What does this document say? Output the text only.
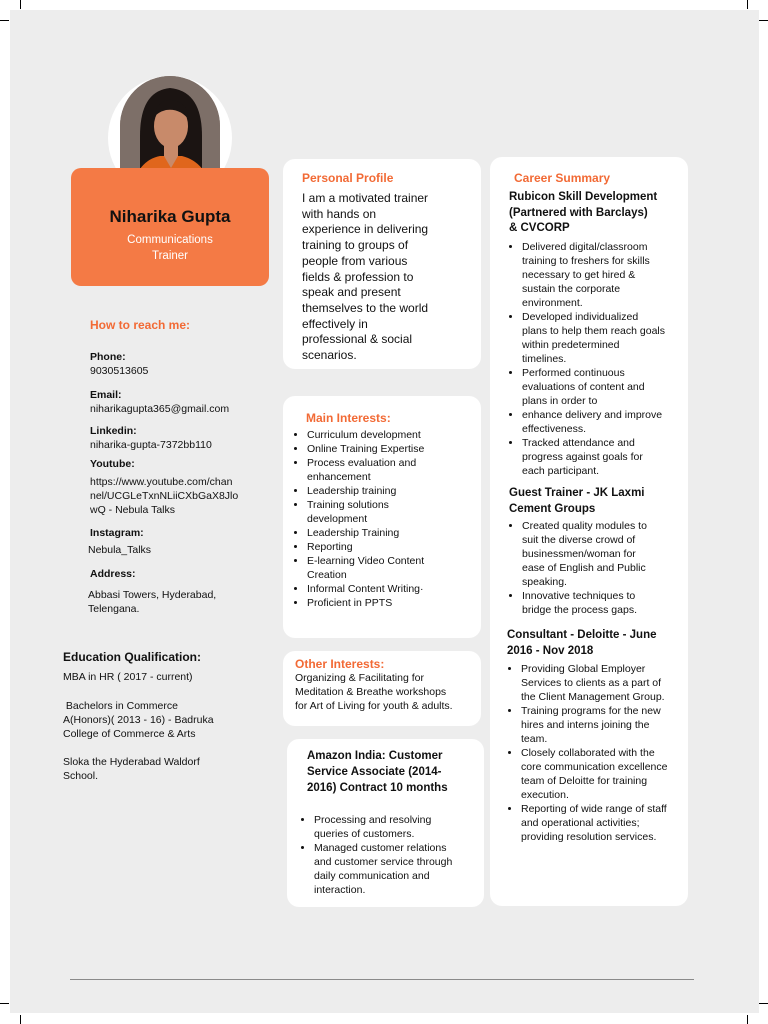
Niharika Gupta
Communications
Trainer
How to reach me:
Phone:
9030513605
Email:
niharikagupta365@gmail.com
Linkedin:
niharika-gupta-7372bb110
Youtube:
https://www.youtube.com/chan
nel/UCGLeTxnNLiiCXbGaX8Jlo
wQ - Nebula Talks
Instagram:
Nebula_Talks
Address:
Abbasi Towers, Hyderabad,
Telengana.
Education Qualification:
MBA in HR ( 2017 - current)
Bachelors in Commerce
A(Honors)( 2013 - 16) - Badruka
College of Commerce & Arts
Sloka the Hyderabad Waldorf
School.
Personal Profile
I am a motivated trainer
with hands on
experience in delivering
training to groups of
people from various
fields & profession to
speak and present
themselves to the world
effectively in
professional & social
scenarios.
Main Interests:
• Curriculum development
• Online Training Expertise
• Process evaluation and enhancement
• Leadership training
• Training solutions development
• Leadership Training
• Reporting
• E-learning Video Content Creation
• Informal Content Writing·
• Proficient in PPTS
Other Interests:
Organizing & Facilitating for Meditation & Breathe workshops for Art of Living for youth & adults.
Amazon India: Customer
Service Associate (2014-
2016) Contract 10 months
• Processing and resolving queries of customers.
• Managed customer relations and customer service through daily communication and interaction.
Career Summary
Rubicon Skill Development
(Partnered with Barclays)
& CVCORP
• Delivered digital/classroom training to freshers for skills necessary to get hired & sustain the corporate environment.
• Developed individualized plans to help them reach goals within predetermined timelines.
• Performed continuous evaluations of content and plans in order to
• enhance delivery and improve effectiveness.
• Tracked attendance and progress against goals for each participant.
Guest Trainer - JK Laxmi
Cement Groups
• Created quality modules to suit the diverse crowd of businessmen/woman for ease of English and Public speaking.
• Innovative techniques to bridge the process gaps.
Consultant - Deloitte - June
2016 - Nov 2018
• Providing Global Employer Services to clients as a part of the Client Management Group.
• Training programs for the new hires and interns joining the team.
• Closely collaborated with the core communication excellence team of Deloitte for training execution.
• Reporting of wide range of staff and operational activities; providing resolution services.
